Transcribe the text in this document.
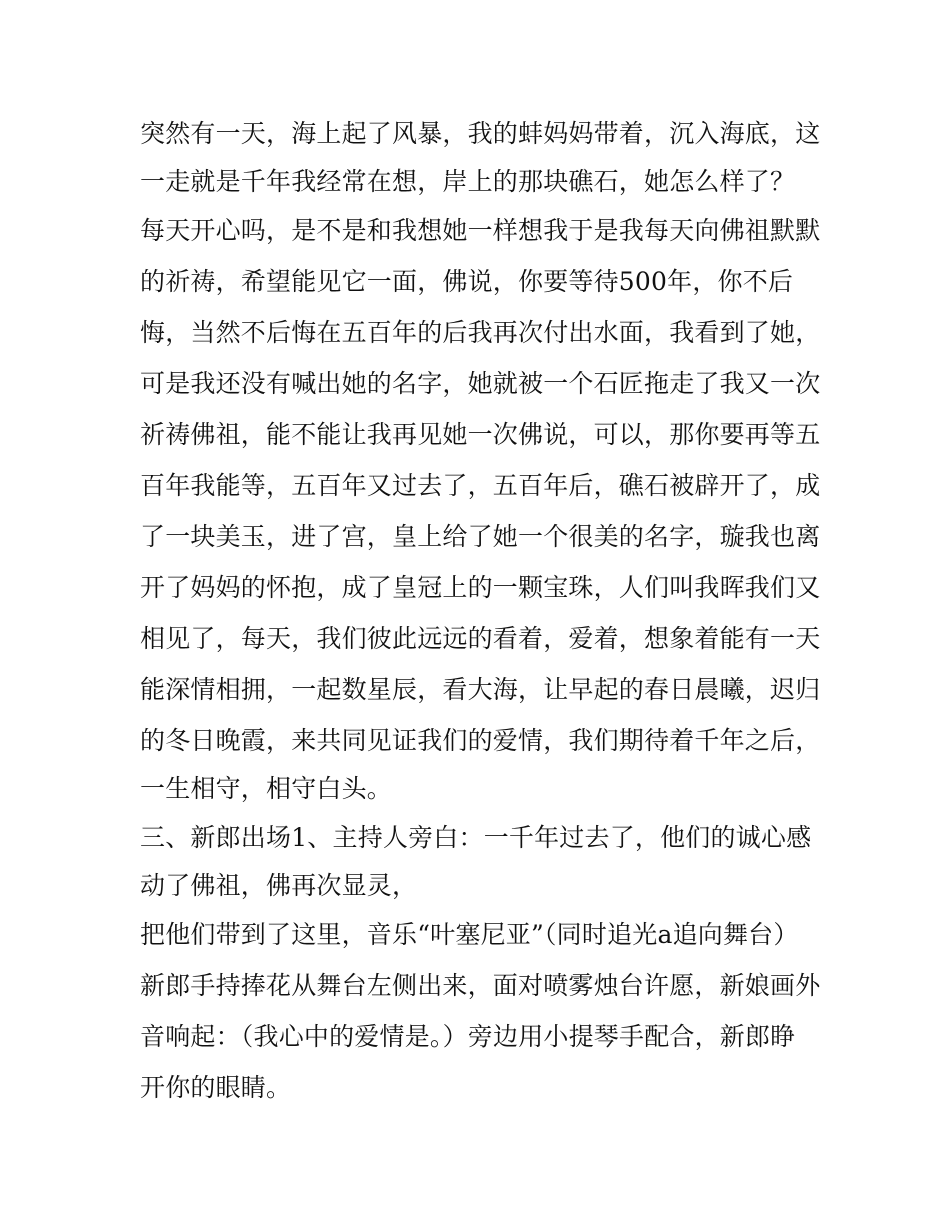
突然有一天，海上起了风暴，我的蚌妈妈带着，沉入海底，这
一走就是千年我经常在想，岸上的那块礁石，她怎么样了？
每天开心吗，是不是和我想她一样想我于是我每天向佛祖默默
的祈祷，希望能见它一面，佛说，你要等待500年，你不后
悔，当然不后悔在五百年的后我再次付出水面，我看到了她，
可是我还没有喊出她的名字，她就被一个石匠拖走了我又一次
祈祷佛祖，能不能让我再见她一次佛说，可以，那你要再等五
百年我能等，五百年又过去了，五百年后，礁石被辟开了，成
了一块美玉，进了宫，皇上给了她一个很美的名字，璇我也离
开了妈妈的怀抱，成了皇冠上的一颗宝珠，人们叫我晖我们又
相见了，每天，我们彼此远远的看着，爱着，想象着能有一天
能深情相拥，一起数星辰，看大海，让早起的春日晨曦，迟归
的冬日晚霞，来共同见证我们的爱情，我们期待着千年之后，
一生相守，相守白头。
三、新郎出场1、主持人旁白：一千年过去了，他们的诚心感
动了佛祖，佛再次显灵，
把他们带到了这里，音乐“叶塞尼亚”（同时追光a追向舞台）
新郎手持捧花从舞台左侧出来，面对喷雾烛台许愿，新娘画外
音响起：（我心中的爱情是。）旁边用小提琴手配合，新郎睁
开你的眼睛。
